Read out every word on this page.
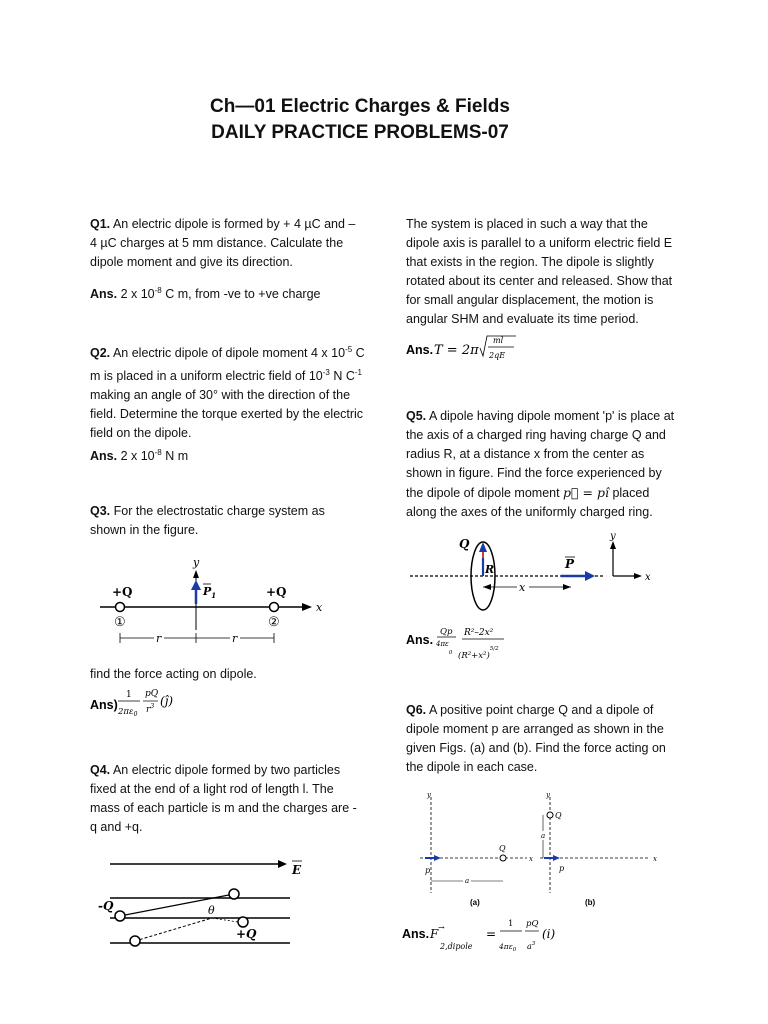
Ch—01 Electric Charges & Fields
DAILY PRACTICE PROBLEMS-07
Q1. An electric dipole is formed by + 4 µC and – 4 µC charges at 5 mm distance. Calculate the dipole moment and give its direction.
Ans. 2 x $10^{-8}$ C m, from -ve to +ve charge
Q2. An electric dipole of dipole moment 4 x $10^{-5}$ C m is placed in a uniform electric field of $10^{-3}$ N $C^{-1}$ making an angle of 30° with the direction of the field. Determine the torque exerted by the electric field on the dipole.
Ans. 2 x $10^{-8}$ N m
Q3. For the electrostatic charge system as shown in the figure.
x
y
$P_1$
+Q	+Q
①	②
r	r
find the force acting on dipole.
Ans)
1
$2\pi\varepsilon_0$
pQ
$r^3$ (ĵ)
Q4. An electric dipole formed by two particles fixed at the end of a light rod of length l. The mass of each particle is m and the charges are -q and +q.
E
-Q
+Q
θ
The system is placed in such a way that the dipole axis is parallel to a uniform electric field E that exists in the region. The dipole is slightly rotated about its center and released. Show that for small angular displacement, the motion is angular SHM and evaluate its time period.
Ans. T = 2π
ml
2qE
Q5. A dipole having dipole moment 'p' is place at the axis of a charged ring having charge Q and radius R, at a distance x from the center as shown in figure. Find the force experienced by the dipole of dipole moment p⃗ = pî placed along the axes of the uniformly charged ring.
Q
R
x
P
y
x
Ans.
Qp
$4\pi\varepsilon_0$
R²–2x²
$(R^2+x^2)^{5/2}$
Q6. A positive point charge Q and a dipole of dipole moment p are arranged as shown in the given Figs. (a) and (b). Find the force acting on the dipole in each case.
y
x
p
Q
a
(a)
y
x
p
Q
a
(b)
Ans. F →
2,dipole
=
1
$4\pi\varepsilon_0$
pQ
$a^3$
(i)
